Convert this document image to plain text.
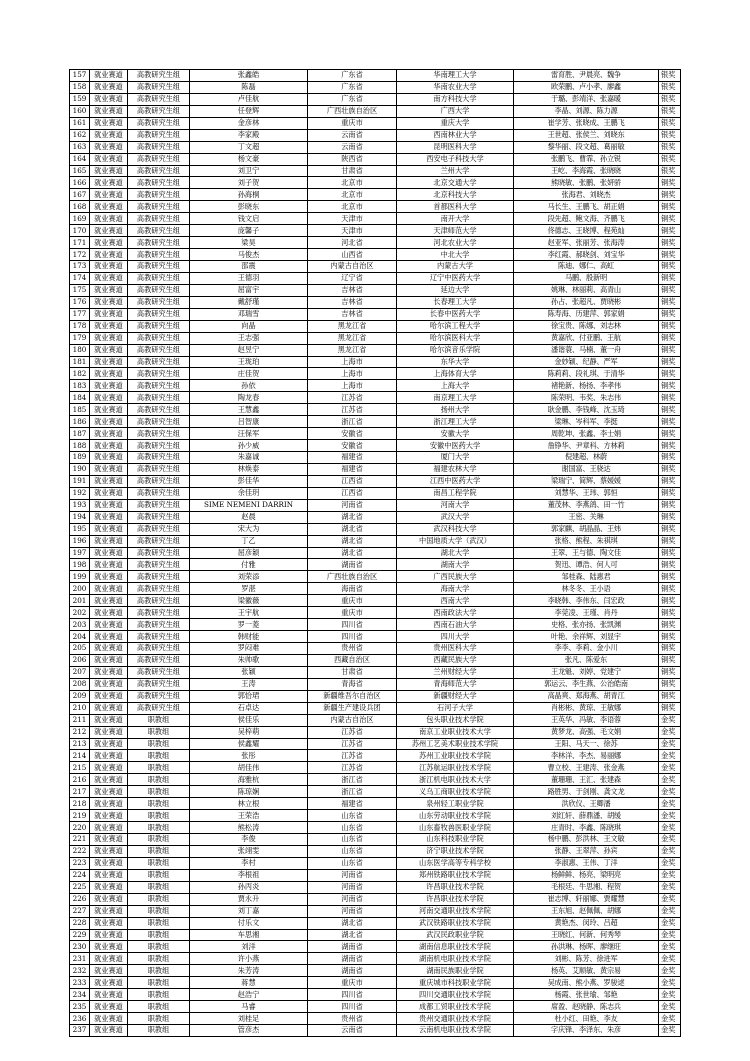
157	就业赛道	高教研究生组	张鑫皓	广东省	华南理工大学	雷育胜、尹晨亮、魏争	银奖
158	就业赛道	高教研究生组	陈磊	广东省	华南农业大学	欧荣鹏、卢小孝、廖鑫	银奖
159	就业赛道	高教研究生组	卢佳航	广东省	南方科技大学	于璐、彭靖洋、张嘉暖	银奖
160	就业赛道	高教研究生组	任登辉	广西壮族自治区	广西大学	李晶、刘源、陈力源	银奖
161	就业赛道	高教研究生组	金彦林	重庆市	重庆大学	崔学芳、张晓成、王鹏飞	银奖
162	就业赛道	高教研究生组	李家殿	云南省	西南林业大学	王世超、张侯兰、刘晓东	银奖
163	就业赛道	高教研究生组	丁文超	云南省	昆明医科大学	黎华丽、段文超、葛丽敏	银奖
164	就业赛道	高教研究生组	杨文豪	陕西省	西安电子科技大学	张鹏飞、曹霏、孙立锐	银奖
165	就业赛道	高教研究生组	刘卫宁	甘肃省	兰州大学	王屹、李海霞、张晓晓	银奖
166	就业赛道	高教研究生组	刘子贺	北京市	北京交通大学	熊晓敏、张鹏、张妍骄	铜奖
167	就业赛道	高教研究生组	孙海桐	北京市	北京科技大学	张海君、刘晓杰	铜奖
168	就业赛道	高教研究生组	彭晓东	北京市	首都医科大学	马长生、王鹏飞、胡正娟	铜奖
169	就业赛道	高教研究生组	钱文启	天津市	南开大学	段先超、鲍文海、齐鹏飞	铜奖
170	就业赛道	高教研究生组	庞馨子	天津市	天津师范大学	佟德志、王晓博、程苑灿	铜奖
171	就业赛道	高教研究生组	梁昊	河北省	河北农业大学	赵亚军、张丽芳、张海涛	铜奖
172	就业赛道	高教研究生组	马俊杰	山西省	中北大学	李红霞、郝晓剑、刘宝华	铜奖
173	就业赛道	高教研究生组	邵震	内蒙古自治区	内蒙古大学	陈迪、娜仁、高虹	铜奖
174	就业赛道	高教研究生组	王德羽	辽宁省	辽宁中医药大学	马鹏、殷新明	铜奖
175	就业赛道	高教研究生组	屈富宇	吉林省	延边大学	姚琳、林丽莉、高青山	铜奖
176	就业赛道	高教研究生组	戴舒瑾	吉林省	长春理工大学	孙占、张超凡、贾晓彬	铜奖
177	就业赛道	高教研究生组	邓瑞雪	吉林省	长春中医药大学	陈寿海、历建萍、郭家娟	铜奖
178	就业赛道	高教研究生组	向晶	黑龙江省	哈尔滨工程大学	徐宝贵、陈娜、刘志林	铜奖
179	就业赛道	高教研究生组	王志强	黑龙江省	哈尔滨医科大学	黄嘉欣、付亚鹏、王航	铜奖
180	就业赛道	高教研究生组	赵昱宁	黑龙江省	哈尔滨音乐学院	潘谐蓑、马楠、董一舟	铜奖
181	就业赛道	高教研究生组	王珑珀	上海市	东华大学	金妙颖、纪静、严军	铜奖
182	就业赛道	高教研究生组	庄佳贺	上海市	上海体育大学	陈莉莉、段礼琪、于清华	铜奖
183	就业赛道	高教研究生组	孙依	上海市	上海大学	褚艳新、杨扬、李孝伟	铜奖
184	就业赛道	高教研究生组	陶龙春	江苏省	南京理工大学	陈荣明、韦奖、朱志伟	铜奖
185	就业赛道	高教研究生组	王慧鑫	江苏省	扬州大学	耿金鹏、李钱峰、沈玉琦	铜奖
186	就业赛道	高教研究生组	吕智康	浙江省	浙江理工大学	梁琳、岑科军、李挺	铜奖
187	就业赛道	高教研究生组	汪保军	安徽省	安徽大学	周乾坤、张鑫、李士娟	铜奖
188	就业赛道	高教研究生组	孙少威	安徽省	安徽中医药大学	詹铮华、尹章科、方林莉	铜奖
189	就业赛道	高教研究生组	朱嘉诚	福建省	厦门大学	倪建超、林蔚	铜奖
190	就业赛道	高教研究生组	林焕泰	福建省	福建农林大学	谢国富、王骁达	铜奖
191	就业赛道	高教研究生组	彭佳华	江西省	江西中医药大学	梁瑞宁、简辉、蔡媛媛	铜奖
192	就业赛道	高教研究生组	余佳玥	江西省	南昌工程学院	刘慧华、王玮、郭恒	铜奖
193	就业赛道	高教研究生组	SIME NEMENI DARRIN	河南省	河南大学	董茂林、李燕鸽、田一竹	铜奖
194	就业赛道	高教研究生组	赵晨	湖北省	武汉大学	王密、关琳	铜奖
195	就业赛道	高教研究生组	宋大为	湖北省	武汉科技大学	郭家麒、胡晶晶、王炜	铜奖
196	就业赛道	高教研究生组	丁乙	湖北省	中国地质大学（武汉）	张格、熊程、朱祺琪	铜奖
197	就业赛道	高教研究生组	屈彦颖	湖北省	湖北大学	王翠、王与德、陶文佳	铜奖
198	就业赛道	高教研究生组	付雅	湖南省	湖南大学	贺迅、谭浩、何人可	铜奖
199	就业赛道	高教研究生组	刘荣添	广西壮族自治区	广西民族大学	邹桂森、陆惠君	铜奖
200	就业赛道	高教研究生组	罗湛	海南省	海南大学	林冬冬、王小语	铜奖
201	就业赛道	高教研究生组	梁徽薇	重庆市	西南大学	李晓韩、李伟东、闫宏政	铜奖
202	就业赛道	高教研究生组	王宇航	重庆市	西南政法大学	李莞凌、王瑾、肖丹	铜奖
203	就业赛道	高教研究生组	罗一菱	四川省	西南石油大学	史格、张亦扬、张凯渊	铜奖
204	就业赛道	高教研究生组	韩财能	四川省	四川大学	叶艳、余祥辉、刘显宇	铜奖
205	就业赛道	高教研究生组	罗闷难	贵州省	贵州医科大学	李李、李莉、金小川	铜奖
206	就业赛道	高教研究生组	朱帅歌	西藏自治区	西藏民族大学	张凡、陈爱东	铜奖
207	就业赛道	高教研究生组	张颖	甘肃省	兰州财经大学	王龙魁、刘婷、党建宁	铜奖
208	就业赛道	高教研究生组	王涛	青海省	青海师范大学	郭运云、李生燕、公治皓南	铜奖
209	就业赛道	高教研究生组	郭恰珺	新疆维吾尔自治区	新疆财经大学	高晶爽、郑海燕、胡青江	铜奖
210	就业赛道	高教研究生组	石卓达	新疆生产建设兵团	石河子大学	肖彬彬、黄琼、王敏娜	铜奖
211	就业赛道	职教组	侯佳乐	内蒙古自治区	包头职业技术学院	王英华、冯敏、李语蓉	金奖
212	就业赛道	职教组	吴梓萌	江苏省	南京工业职业技术大学	黄梦龙、高强、毛文娟	金奖
213	就业赛道	职教组	侯鑫耀	江苏省	苏州工艺美术职业技术学院	王阳、马天一、徐苏	金奖
214	就业赛道	职教组	张彤	江苏省	苏州工业职业技术学院	李林洋、李杰、易丽娜	金奖
215	就业赛道	职教组	胡佳伟	江苏省	江苏航运职业技术学院	曹立校、王建涛、张金燕	金奖
216	就业赛道	职教组	海雅杭	浙江省	浙江机电职业技术大学	董珊珊、王汇、张建森	金奖
217	就业赛道	职教组	陈琼娴	浙江省	义乌工商职业技术学院	路胜男、于剑刚、龚文龙	金奖
218	就业赛道	职教组	林立根	福建省	泉州轻工职业学院	洪欣仪、王卿潘	金奖
219	就业赛道	职教组	王荣浩	山东省	山东劳动职业技术学院	刘红轩、薛鼎潘、胡缓	金奖
220	就业赛道	职教组	熊松涛	山东省	山东畜牧兽医职业学院	庄青时、李鑫、陈晓琪	金奖
221	就业赛道	职教组	李俊	山东省	山东科技职业学院	杨中鹏、彭洪林、王文敏	金奖
222	就业赛道	职教组	张翊雯	山东省	济宁职业技术学院	张静、王翠萍、孙宾	金奖
223	就业赛道	职教组	李村	山东省	山东医学高等专科学校	李淑惠、王伟、丁洋	金奖
224	就业赛道	职教组	李根祖	河南省	郑州铁路职业技术学院	杨鲜鲜、杨亮、梁明亮	金奖
225	就业赛道	职教组	孙丙炎	河南省	许昌职业技术学院	毛根廷、牛思湘、程贺	金奖
226	就业赛道	职教组	贾永升	河南省	许昌职业技术学院	崔志博、轩丽娜、贾耀慧	金奖
227	就业赛道	职教组	刘丁嘉	河南省	河南交通职业技术学院	王东旭、赵佩佩、胡娜	金奖
228	就业赛道	职教组	付乐文	湖北省	武汉铁路职业技术学院	黄艳杰、闵玲、吕超	金奖
229	就业赛道	职教组	车思湘	湖北省	武汉民政职业学院	王晓红、何新、何秀琴	金奖
230	就业赛道	职教组	刘洋	湖南省	湖南信息职业技术学院	孙洪琳、杨晖、廖继旺	金奖
231	就业赛道	职教组	许小燕	湖南省	湖南机电职业技术学院	刘彬、陈芳、徐进军	金奖
232	就业赛道	职教组	朱芳涛	湖南省	湖南民族职业学院	杨英、艾顺敏、黄宗易	金奖
233	就业赛道	职教组	蒋慧	重庆市	重庆城市科技职业学院	吴成南、熊小燕、罗骏逑	金奖
234	就业赛道	职教组	赵浩宁	四川省	四川交通职业技术学院	杨霞、张世瑜、邹艳	金奖
235	就业赛道	职教组	马睿	四川省	成都工贸职业技术学院	席盈、赵晓静、陈志兵	金奖
236	就业赛道	职教组	刘桂足	贵州省	贵州交通职业技术学院	杜小红、田艳、李友	金奖
237	就业赛道	职教组	管彦杰	云南省	云南机电职业技术学院	字庆锋、李泽东、朱彦	金奖
